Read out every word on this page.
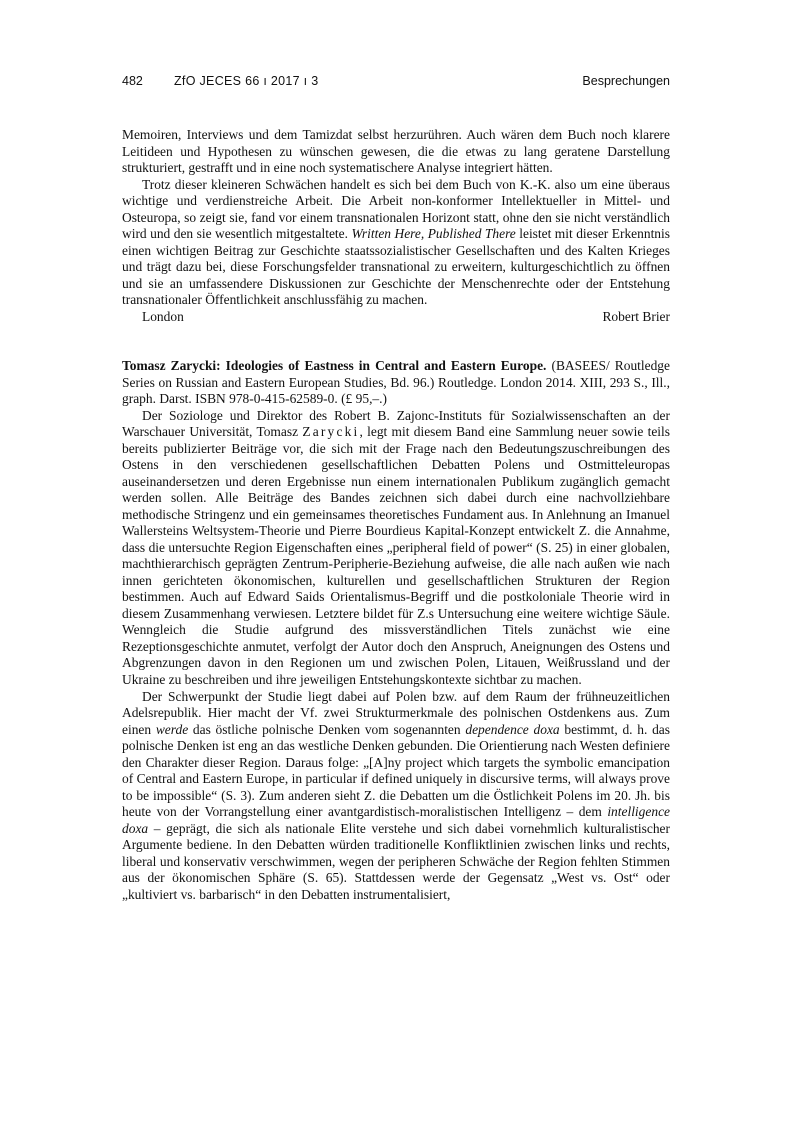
482 ZfO JECES 66 ı 2017 ı 3	Besprechungen

Memoiren, Interviews und dem Tamizdat selbst herzurühren. Auch wären dem Buch noch klarere Leitideen und Hypothesen zu wünschen gewesen, die die etwas zu lang geratene Darstellung strukturiert, gestrafft und in eine noch systematischere Analyse integriert hätten.

Trotz dieser kleineren Schwächen handelt es sich bei dem Buch von K.-K. also um eine überaus wichtige und verdienstreiche Arbeit. Die Arbeit non-konformer Intellektueller in Mittel- und Osteuropa, so zeigt sie, fand vor einem transnationalen Horizont statt, ohne den sie nicht verständlich wird und den sie wesentlich mitgestaltete. Written Here, Published There leistet mit dieser Erkenntnis einen wichtigen Beitrag zur Geschichte staatssozialistischer Gesellschaften und des Kalten Krieges und trägt dazu bei, diese Forschungsfelder transnational zu erweitern, kulturgeschichtlich zu öffnen und sie an umfassendere Diskussionen zur Geschichte der Menschenrechte oder der Entstehung transnationaler Öffentlichkeit anschlussfähig zu machen.

London	Robert Brier

Tomasz Zarycki: Ideologies of Eastness in Central and Eastern Europe. (BASEES/ Routledge Series on Russian and Eastern European Studies, Bd. 96.) Routledge. London 2014. XIII, 293 S., Ill., graph. Darst. ISBN 978-0-415-62589-0. (£ 95,–.)

Der Soziologe und Direktor des Robert B. Zajonc-Instituts für Sozialwissenschaften an der Warschauer Universität, Tomasz Zarycki, legt mit diesem Band eine Sammlung neuer sowie teils bereits publizierter Beiträge vor, die sich mit der Frage nach den Bedeutungszuschreibungen des Ostens in den verschiedenen gesellschaftlichen Debatten Polens und Ostmitteleuropas auseinandersetzen und deren Ergebnisse nun einem internationalen Publikum zugänglich gemacht werden sollen. Alle Beiträge des Bandes zeichnen sich dabei durch eine nachvollziehbare methodische Stringenz und ein gemeinsames theoretisches Fundament aus. In Anlehnung an Imanuel Wallersteins Weltsystem-Theorie und Pierre Bourdieus Kapital-Konzept entwickelt Z. die Annahme, dass die untersuchte Region Eigenschaften eines „peripheral field of power“ (S. 25) in einer globalen, machthierarchisch geprägten Zentrum-Peripherie-Beziehung aufweise, die alle nach außen wie nach innen gerichteten ökonomischen, kulturellen und gesellschaftlichen Strukturen der Region bestimmen. Auch auf Edward Saids Orientalismus-Begriff und die postkoloniale Theorie wird in diesem Zusammenhang verwiesen. Letztere bildet für Z.s Untersuchung eine weitere wichtige Säule. Wenngleich die Studie aufgrund des missverständlichen Titels zunächst wie eine Rezeptionsgeschichte anmutet, verfolgt der Autor doch den Anspruch, Aneignungen des Ostens und Abgrenzungen davon in den Regionen um und zwischen Polen, Litauen, Weißrussland und der Ukraine zu beschreiben und ihre jeweiligen Entstehungskontexte sichtbar zu machen.

Der Schwerpunkt der Studie liegt dabei auf Polen bzw. auf dem Raum der frühneuzeitlichen Adelsrepublik. Hier macht der Vf. zwei Strukturmerkmale des polnischen Ostdenkens aus. Zum einen werde das östliche polnische Denken vom sogenannten dependence doxa bestimmt, d. h. das polnische Denken ist eng an das westliche Denken gebunden. Die Orientierung nach Westen definiere den Charakter dieser Region. Daraus folge: „[A]ny project which targets the symbolic emancipation of Central and Eastern Europe, in particular if defined uniquely in discursive terms, will always prove to be impossible“ (S. 3). Zum anderen sieht Z. die Debatten um die Östlichkeit Polens im 20. Jh. bis heute von der Vorrangstellung einer avantgardistisch-moralistischen Intelligenz – dem intelligence doxa – geprägt, die sich als nationale Elite verstehe und sich dabei vornehmlich kulturalistischer Argumente bediene. In den Debatten würden traditionelle Konfliktlinien zwischen links und rechts, liberal und konservativ verschwimmen, wegen der peripheren Schwäche der Region fehlten Stimmen aus der ökonomischen Sphäre (S. 65). Stattdessen werde der Gegensatz „West vs. Ost“ oder „kultiviert vs. barbarisch“ in den Debatten instrumentalisiert,
